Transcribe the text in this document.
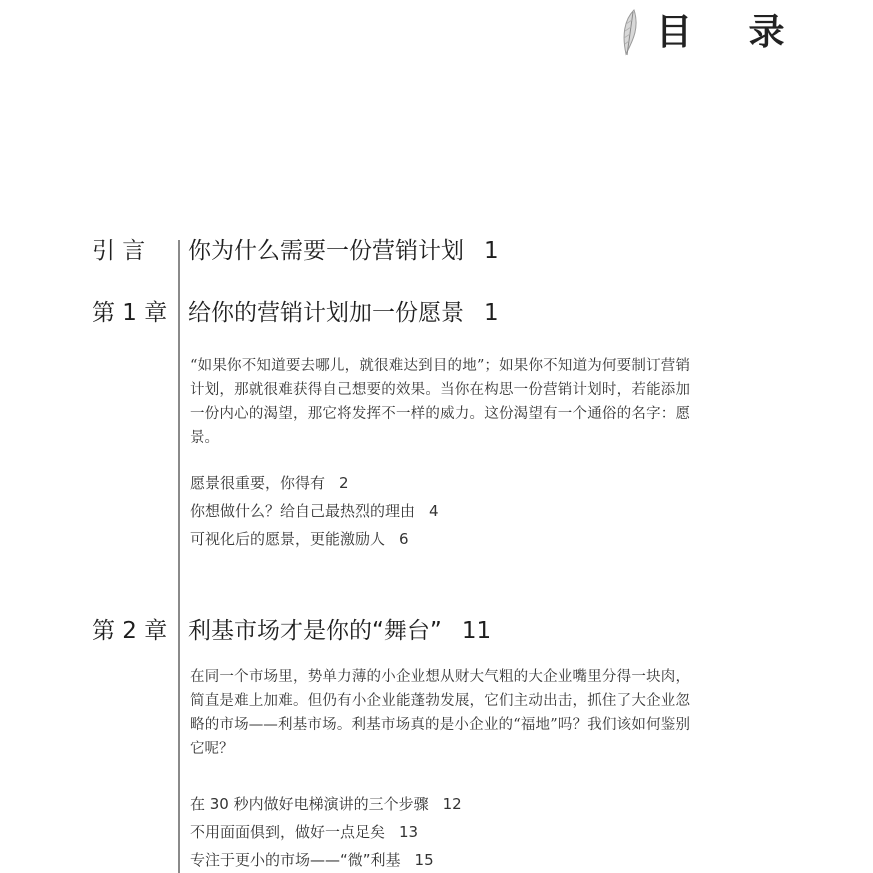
目 录
引 言	你为什么需要一份营销计划 1
第 1 章 给你的营销计划加一份愿景 1
“如果你不知道要去哪儿，就很难达到目的地”；如果你不知道为何要制订营销计划，那就很难获得自己想要的效果。当你在构思一份营销计划时，若能添加一份内心的渴望，那它将发挥不一样的威力。这份渴望有一个通俗的名字：愿景。
愿景很重要，你得有 2
你想做什么？给自己最热烈的理由 4
可视化后的愿景，更能激励人 6
第 2 章 利基市场才是你的“舞台” 11
在同一个市场里，势单力薄的小企业想从财大气粗的大企业嘴里分得一块肉，简直是难上加难。但仍有小企业能蓬勃发展，它们主动出击，抓住了大企业忽略的市场——利基市场。利基市场真的是小企业的“福地”吗？我们该如何鉴别它呢？
在 30 秒内做好电梯演讲的三个步骤 12
不用面面俱到，做好一点足矣 13
专注于更小的市场——“微”利基 15
